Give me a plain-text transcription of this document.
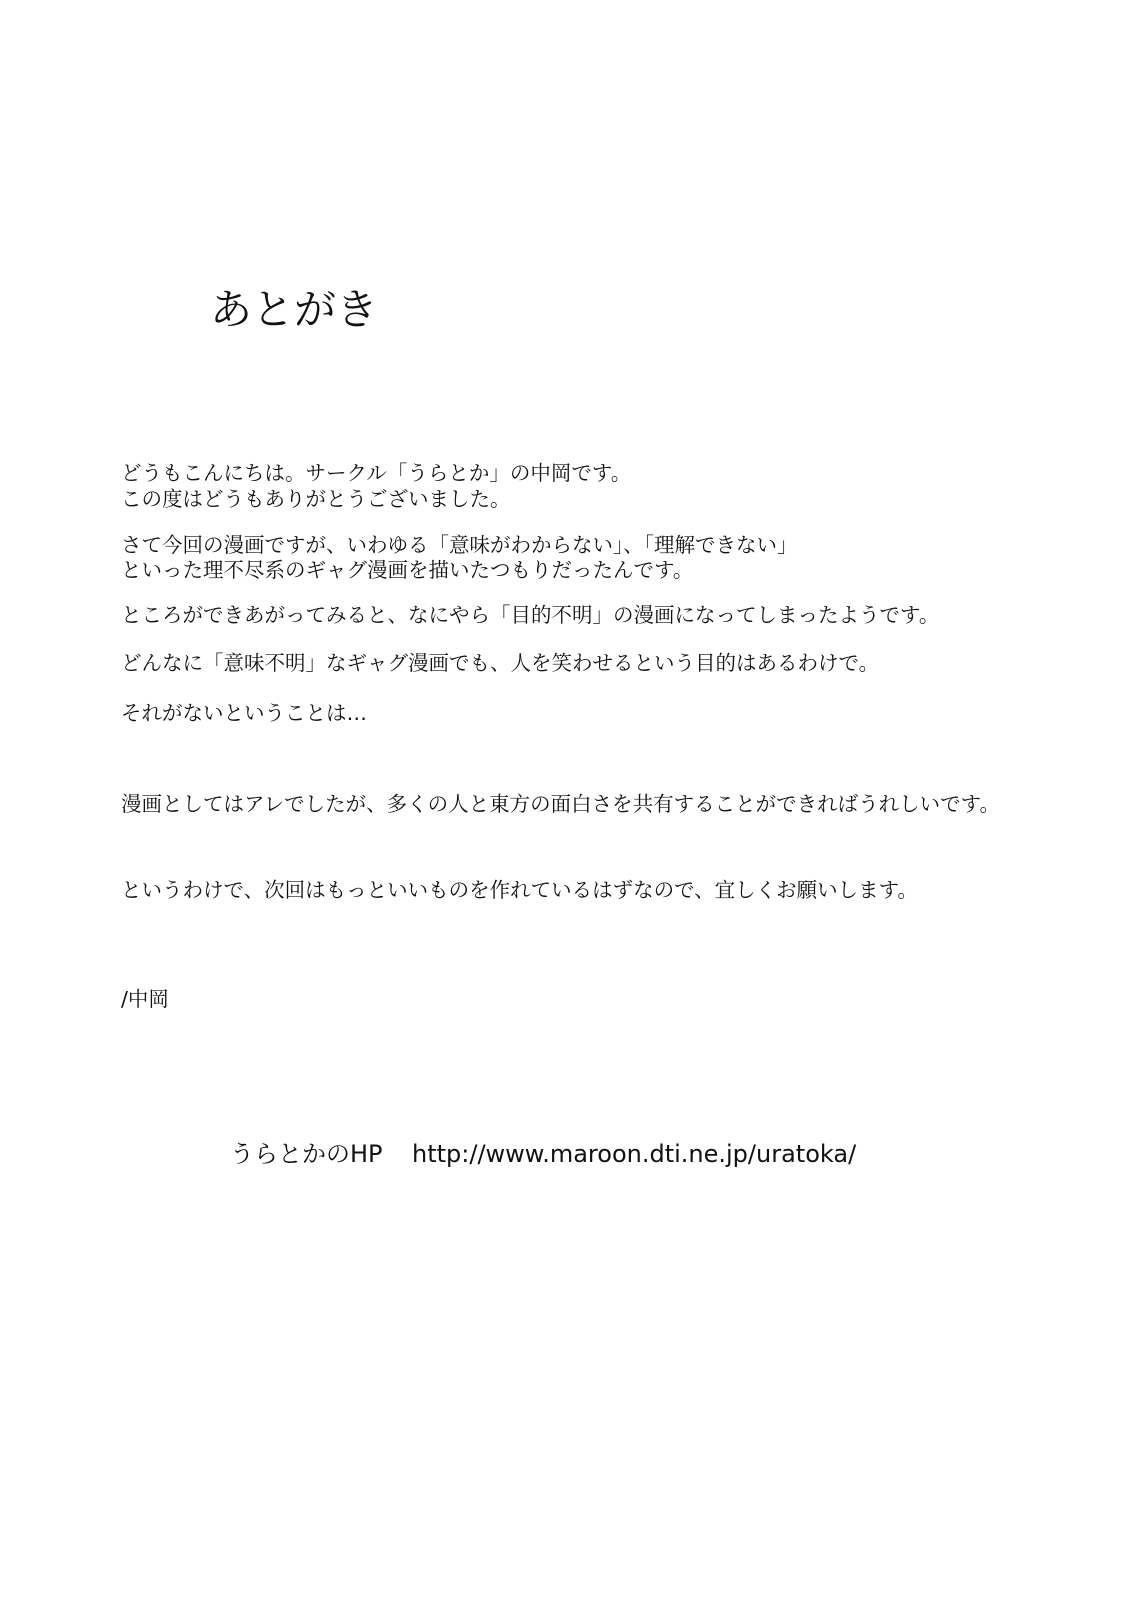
あとがき

どうもこんにちは。サークル「うらとか」の中岡です。

この度はどうもありがとうございました。

さて今回の漫画ですが、いわゆる「意味がわからない」、「理解できない」

といった理不尽系のギャグ漫画を描いたつもりだったんです。

ところができあがってみると、なにやら「目的不明」の漫画になってしまったようです。

どんなに「意味不明」なギャグ漫画でも、人を笑わせるという目的はあるわけで。

それがないということは…

漫画としてはアレでしたが、多くの人と東方の面白さを共有することができればうれしいです。

というわけで、次回はもっといいものを作れているはずなので、宜しくお願いします。

/中岡

うらとかのHP http://www.maroon.dti.ne.jp/uratoka/
